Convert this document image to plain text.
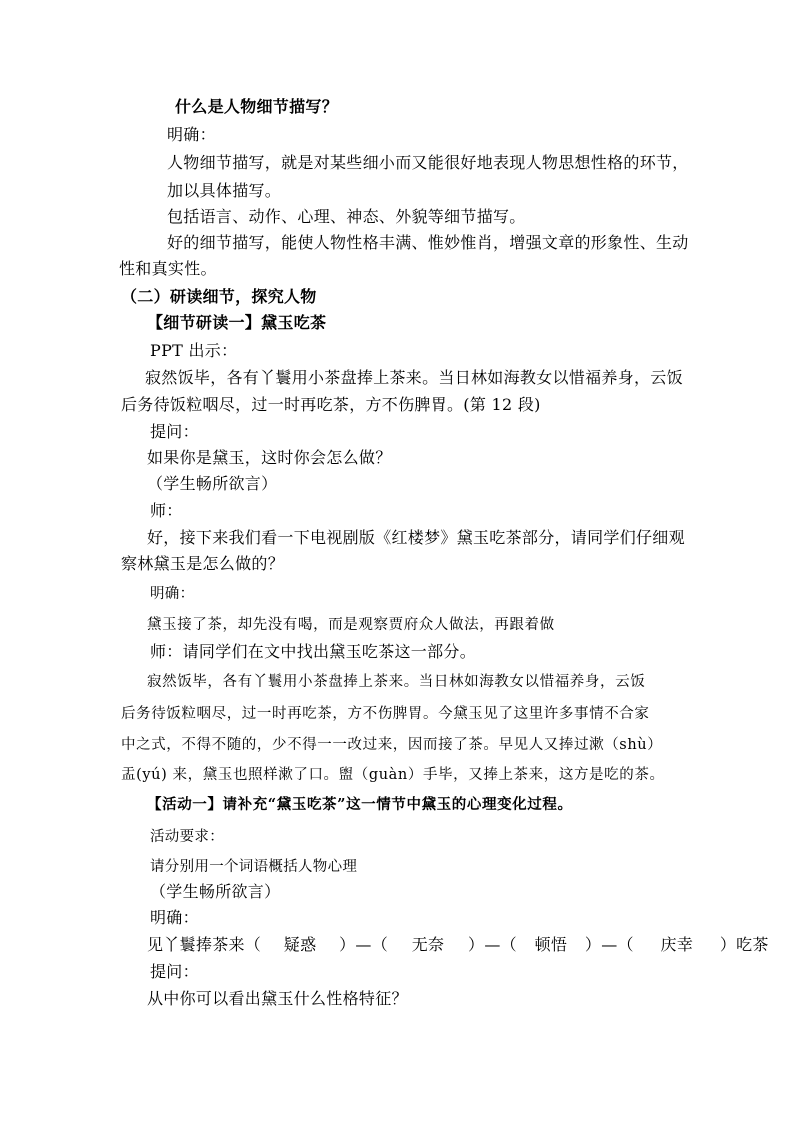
什么是人物细节描写？
明确：
人物细节描写，就是对某些细小而又能很好地表现人物思想性格的环节，
加以具体描写。
包括语言、动作、心理、神态、外貌等细节描写。
好的细节描写，能使人物性格丰满、惟妙惟肖，增强文章的形象性、生动
性和真实性。
（二）研读细节，探究人物
【细节研读一】黛玉吃茶
PPT 出示：
寂然饭毕，各有丫鬟用小茶盘捧上茶来。当日林如海教女以惜福养身，云饭
后务待饭粒咽尽，过一时再吃茶，方不伤脾胃。(第 12 段)
提问：
如果你是黛玉，这时你会怎么做？
（学生畅所欲言）
师：
好，接下来我们看一下电视剧版《红楼梦》黛玉吃茶部分，请同学们仔细观
察林黛玉是怎么做的？
明确：
黛玉接了茶，却先没有喝，而是观察贾府众人做法，再跟着做
师：请同学们在文中找出黛玉吃茶这一部分。
寂然饭毕，各有丫鬟用小茶盘捧上茶来。当日林如海教女以惜福养身，云饭
后务待饭粒咽尽，过一时再吃茶，方不伤脾胃。今黛玉见了这里许多事情不合家
中之式，不得不随的，少不得一一改过来，因而接了茶。早见人又捧过漱（shù）
盂(yú) 来，黛玉也照样漱了口。盥（guàn）手毕，又捧上茶来，这方是吃的茶。
【活动一】请补充“黛玉吃茶”这一情节中黛玉的心理变化过程。
活动要求：
请分别用一个词语概括人物心理
（学生畅所欲言）
明确：
见丫鬟捧茶来（ 疑惑 ）—（ 无奈 ）—（ 顿悟 ）—（ 庆幸 ）吃茶
提问：
从中你可以看出黛玉什么性格特征？
